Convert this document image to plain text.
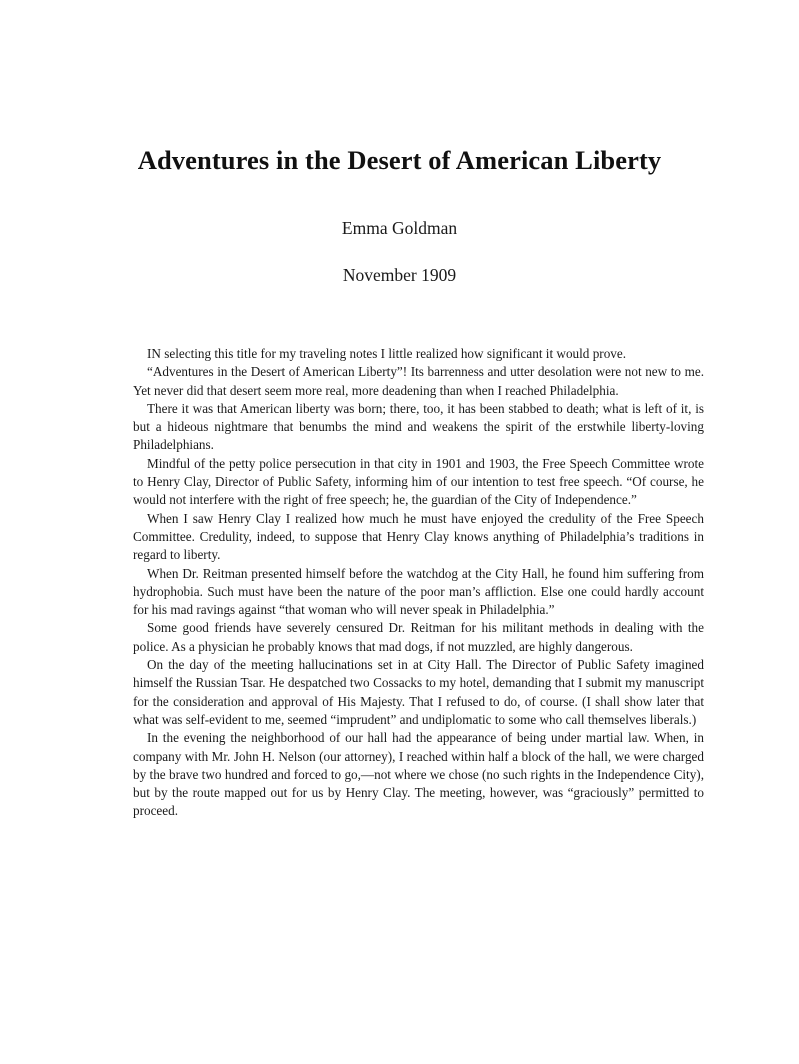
Adventures in the Desert of American Liberty
Emma Goldman
November 1909

IN selecting this title for my traveling notes I little realized how significant it would prove.

“Adventures in the Desert of American Liberty”! Its barrenness and utter desolation were not new to me. Yet never did that desert seem more real, more deadening than when I reached Philadelphia.

There it was that American liberty was born; there, too, it has been stabbed to death; what is left of it, is but a hideous nightmare that benumbs the mind and weakens the spirit of the erstwhile liberty-loving Philadelphians.

Mindful of the petty police persecution in that city in 1901 and 1903, the Free Speech Committee wrote to Henry Clay, Director of Public Safety, informing him of our intention to test free speech. “Of course, he would not interfere with the right of free speech; he, the guardian of the City of Independence.”

When I saw Henry Clay I realized how much he must have enjoyed the credulity of the Free Speech Committee. Credulity, indeed, to suppose that Henry Clay knows anything of Philadelphia’s traditions in regard to liberty.

When Dr. Reitman presented himself before the watchdog at the City Hall, he found him suffering from hydrophobia. Such must have been the nature of the poor man’s affliction. Else one could hardly account for his mad ravings against “that woman who will never speak in Philadelphia.”

Some good friends have severely censured Dr. Reitman for his militant methods in dealing with the police. As a physician he probably knows that mad dogs, if not muzzled, are highly dangerous.

On the day of the meeting hallucinations set in at City Hall. The Director of Public Safety imagined himself the Russian Tsar. He despatched two Cossacks to my hotel, demanding that I submit my manuscript for the consideration and approval of His Majesty. That I refused to do, of course. (I shall show later that what was self-evident to me, seemed “imprudent” and undiplomatic to some who call themselves liberals.)

In the evening the neighborhood of our hall had the appearance of being under martial law. When, in company with Mr. John H. Nelson (our attorney), I reached within half a block of the hall, we were charged by the brave two hundred and forced to go,—not where we chose (no such rights in the Independence City), but by the route mapped out for us by Henry Clay. The meeting, however, was “graciously” permitted to proceed.
